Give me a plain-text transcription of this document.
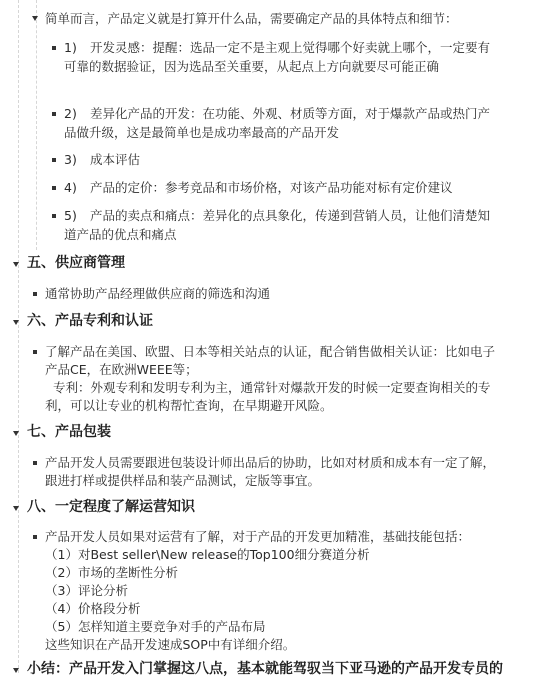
简单而言，产品定义就是打算开什么品，需要确定产品的具体特点和细节：
1) 开发灵感：提醒：选品一定不是主观上觉得哪个好卖就上哪个，一定要有
可靠的数据验证，因为选品至关重要，从起点上方向就要尽可能正确
2) 差异化产品的开发：在功能、外观、材质等方面，对于爆款产品或热门产
品做升级，这是最简单也是成功率最高的产品开发
3) 成本评估
4) 产品的定价：参考竞品和市场价格，对该产品功能对标有定价建议
5) 产品的卖点和痛点：差异化的点具象化，传递到营销人员，让他们清楚知
道产品的优点和痛点
五、供应商管理
通常协助产品经理做供应商的筛选和沟通
六、产品专利和认证
了解产品在美国、欧盟、日本等相关站点的认证，配合销售做相关认证：比如电子
产品CE，在欧洲WEEE等；
专利：外观专利和发明专利为主，通常针对爆款开发的时候一定要查询相关的专
利，可以让专业的机构帮忙查询，在早期避开风险。
七、产品包装
产品开发人员需要跟进包装设计师出品后的协助，比如对材质和成本有一定了解，
跟进打样或提供样品和装产品测试，定版等事宜。
八、一定程度了解运营知识
产品开发人员如果对运营有了解，对于产品的开发更加精准，基础技能包括：
（1）对Best seller\New release的Top100细分赛道分析
（2）市场的垄断性分析
（3）评论分析
（4）价格段分析
（5）怎样知道主要竞争对手的产品布局
这些知识在产品开发速成SOP中有详细介绍。
小结：产品开发入门掌握这八点，基本就能驾驭当下亚马逊的产品开发专员的
